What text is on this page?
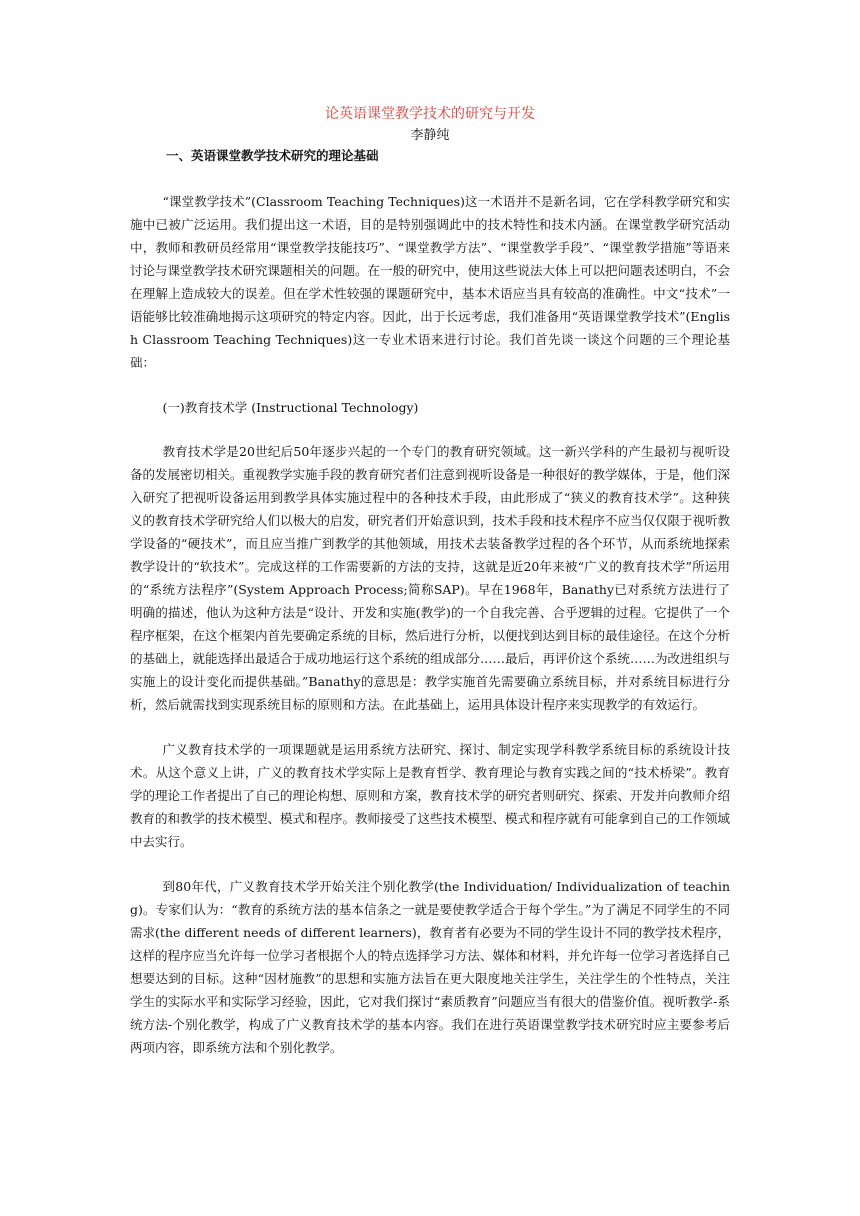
论英语课堂教学技术的研究与开发

李静纯

一、英语课堂教学技术研究的理论基础

“课堂教学技术”(Classroom Teaching Techniques)这一术语并不是新名词，它在学科教学研究和实施中已被广泛运用。我们提出这一术语，目的是特别强调此中的技术特性和技术内涵。在课堂教学研究活动中，教师和教研员经常用“课堂教学技能技巧”、“课堂教学方法”、“课堂教学手段”、“课堂教学措施”等语来讨论与课堂教学技术研究课题相关的问题。在一般的研究中，使用这些说法大体上可以把问题表述明白，不会在理解上造成较大的误差。但在学术性较强的课题研究中，基本术语应当具有较高的准确性。中文“技术”一语能够比较准确地揭示这项研究的特定内容。因此，出于长远考虑，我们准备用“英语课堂教学技术”(English Classroom Teaching Techniques)这一专业术语来进行讨论。我们首先谈一谈这个问题的三个理论基础：

(一)教育技术学 (Instructional Technology)

教育技术学是20世纪后50年逐步兴起的一个专门的教育研究领域。这一新兴学科的产生最初与视听设备的发展密切相关。重视教学实施手段的教育研究者们注意到视听设备是一种很好的教学媒体，于是，他们深入研究了把视听设备运用到教学具体实施过程中的各种技术手段，由此形成了“狭义的教育技术学”。这种狭义的教育技术学研究给人们以极大的启发，研究者们开始意识到，技术手段和技术程序不应当仅仅限于视听教学设备的“硬技术”，而且应当推广到教学的其他领域，用技术去装备教学过程的各个环节，从而系统地探索教学设计的“软技术”。完成这样的工作需要新的方法的支持，这就是近20年来被“广义的教育技术学”所运用的“系统方法程序”(System Approach Process;简称SAP)。早在1968年，Banathy已对系统方法进行了明确的描述，他认为这种方法是“设计、开发和实施(教学)的一个自我完善、合乎逻辑的过程。它提供了一个程序框架，在这个框架内首先要确定系统的目标，然后进行分析，以便找到达到目标的最佳途径。在这个分析的基础上，就能选择出最适合于成功地运行这个系统的组成部分……最后，再评价这个系统……为改进组织与实施上的设计变化而提供基础。”Banathy的意思是：教学实施首先需要确立系统目标，并对系统目标进行分析，然后就需找到实现系统目标的原则和方法。在此基础上，运用具体设计程序来实现教学的有效运行。

广义教育技术学的一项课题就是运用系统方法研究、探讨、制定实现学科教学系统目标的系统设计技术。从这个意义上讲，广义的教育技术学实际上是教育哲学、教育理论与教育实践之间的“技术桥梁”。教育学的理论工作者提出了自己的理论构想、原则和方案，教育技术学的研究者则研究、探索、开发并向教师介绍教育的和教学的技术模型、模式和程序。教师接受了这些技术模型、模式和程序就有可能拿到自己的工作领域中去实行。

到80年代，广义教育技术学开始关注个别化教学(the Individuation/ Individualization of teaching)。专家们认为：“教育的系统方法的基本信条之一就是要使教学适合于每个学生。”为了满足不同学生的不同需求(the different needs of different learners)，教育者有必要为不同的学生设计不同的教学技术程序，这样的程序应当允许每一位学习者根据个人的特点选择学习方法、媒体和材料，并允许每一位学习者选择自己想要达到的目标。这种“因材施教”的思想和实施方法旨在更大限度地关注学生，关注学生的个性特点，关注学生的实际水平和实际学习经验，因此，它对我们探讨“素质教育”问题应当有很大的借鉴价值。视听教学-系统方法-个别化教学，构成了广义教育技术学的基本内容。我们在进行英语课堂教学技术研究时应主要参考后两项内容，即系统方法和个别化教学。
